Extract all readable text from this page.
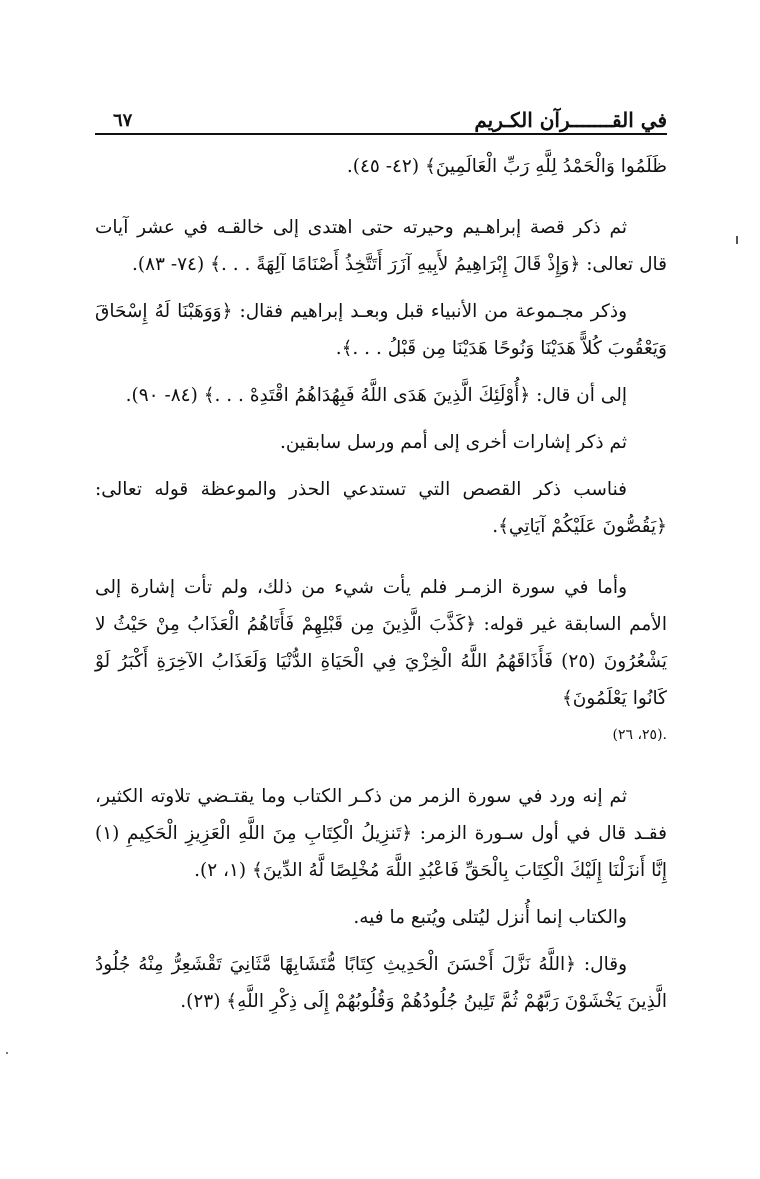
في القـــــــرآن الكـريم
٦٧

ظَلَمُوا وَالْحَمْدُ لِلَّهِ رَبِّ الْعَالَمِينَ﴾ (٤٢- ٤٥).

ثم ذكر قصة إبراهـيم وحيرته حتى اهتدى إلى خالقـه في عشر آيات قال تعالى: ﴿وَإِذْ قَالَ إِبْرَاهِيمُ لأَبِيهِ آزَرَ أَتَتَّخِذُ أَصْنَامًا آلِهَةً . . .﴾ (٧٤- ٨٣).

وذكر مجـموعة من الأنبياء قبل وبعـد إبراهيم فقال: ﴿وَوَهَبْنَا لَهُ إِسْحَاقَ وَيَعْقُوبَ كُلاًّ هَدَيْنَا وَنُوحًا هَدَيْنَا مِن قَبْلُ . . .﴾.

إلى أن قال: ﴿أُوْلَئِكَ الَّذِينَ هَدَى اللَّهُ فَبِهُدَاهُمُ اقْتَدِهْ . . .﴾ (٨٤- ٩٠).

ثم ذكر إشارات أخرى إلى أمم ورسل سابقين.

فناسب ذكر القصص التي تستدعي الحذر والموعظة قوله تعالى: ﴿يَقُصُّونَ عَلَيْكُمْ آيَاتِي﴾.

وأما في سورة الزمـر فلم يأت شيء من ذلك، ولم تأت إشارة إلى الأمم السابقة غير قوله: ﴿كَذَّبَ الَّذِينَ مِن قَبْلِهِمْ فَأَتَاهُمُ الْعَذَابُ مِنْ حَيْثُ لا يَشْعُرُونَ (٢٥) فَأَذَاقَهُمُ اللَّهُ الْخِزْيَ فِي الْحَيَاةِ الدُّنْيَا وَلَعَذَابُ الآخِرَةِ أَكْبَرُ لَوْ كَانُوا يَعْلَمُونَ﴾

.(٢٥، ٢٦)

ثم إنه ورد في سورة الزمر من ذكـر الكتاب وما يقتـضي تلاوته الكثير، فقـد قال في أول سـورة الزمر: ﴿تَنزِيلُ الْكِتَابِ مِنَ اللَّهِ الْعَزِيزِ الْحَكِيمِ (١) إِنَّا أَنزَلْنَا إِلَيْكَ الْكِتَابَ بِالْحَقِّ فَاعْبُدِ اللَّهَ مُخْلِصًا لَّهُ الدِّينَ﴾ (١، ٢).

والكتاب إنما أُنزل ليُتلى ويُتبع ما فيه.

وقال: ﴿اللَّهُ نَزَّلَ أَحْسَنَ الْحَدِيثِ كِتَابًا مُّتَشَابِهًا مَّثَانِيَ تَقْشَعِرُّ مِنْهُ جُلُودُ الَّذِينَ يَخْشَوْنَ رَبَّهُمْ ثُمَّ تَلِينُ جُلُودُهُمْ وَقُلُوبُهُمْ إِلَى ذِكْرِ اللَّهِ﴾ (٢٣).
